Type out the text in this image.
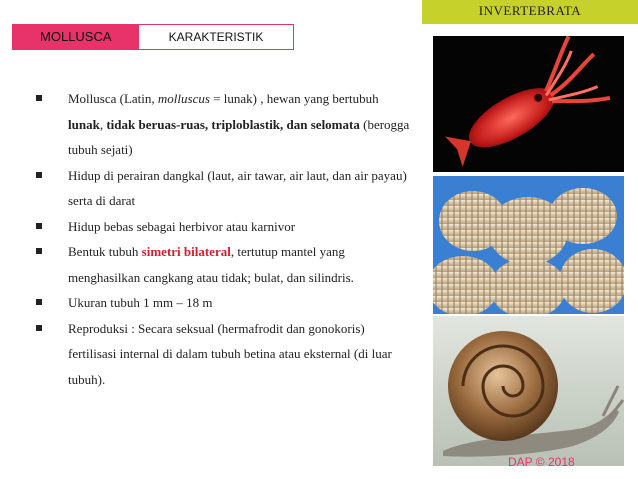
INVERTEBRATA
MOLLUSCA	KARAKTERISTIK
Mollusca (Latin, molluscus = lunak) , hewan yang bertubuh lunak, tidak beruas-ruas, triploblastik, dan selomata (berogga tubuh sejati)
Hidup di perairan dangkal (laut, air tawar, air laut, dan air payau) serta di darat
Hidup bebas sebagai herbivor atau karnivor
Bentuk tubuh simetri bilateral, tertutup mantel yang menghasilkan cangkang atau tidak; bulat, dan silindris.
Ukuran tubuh 1 mm – 18 m
Reproduksi : Secara seksual (hermafrodit dan gonokoris) fertilisasi internal di dalam tubuh betina atau eksternal (di luar tubuh).
DAP © 2018
